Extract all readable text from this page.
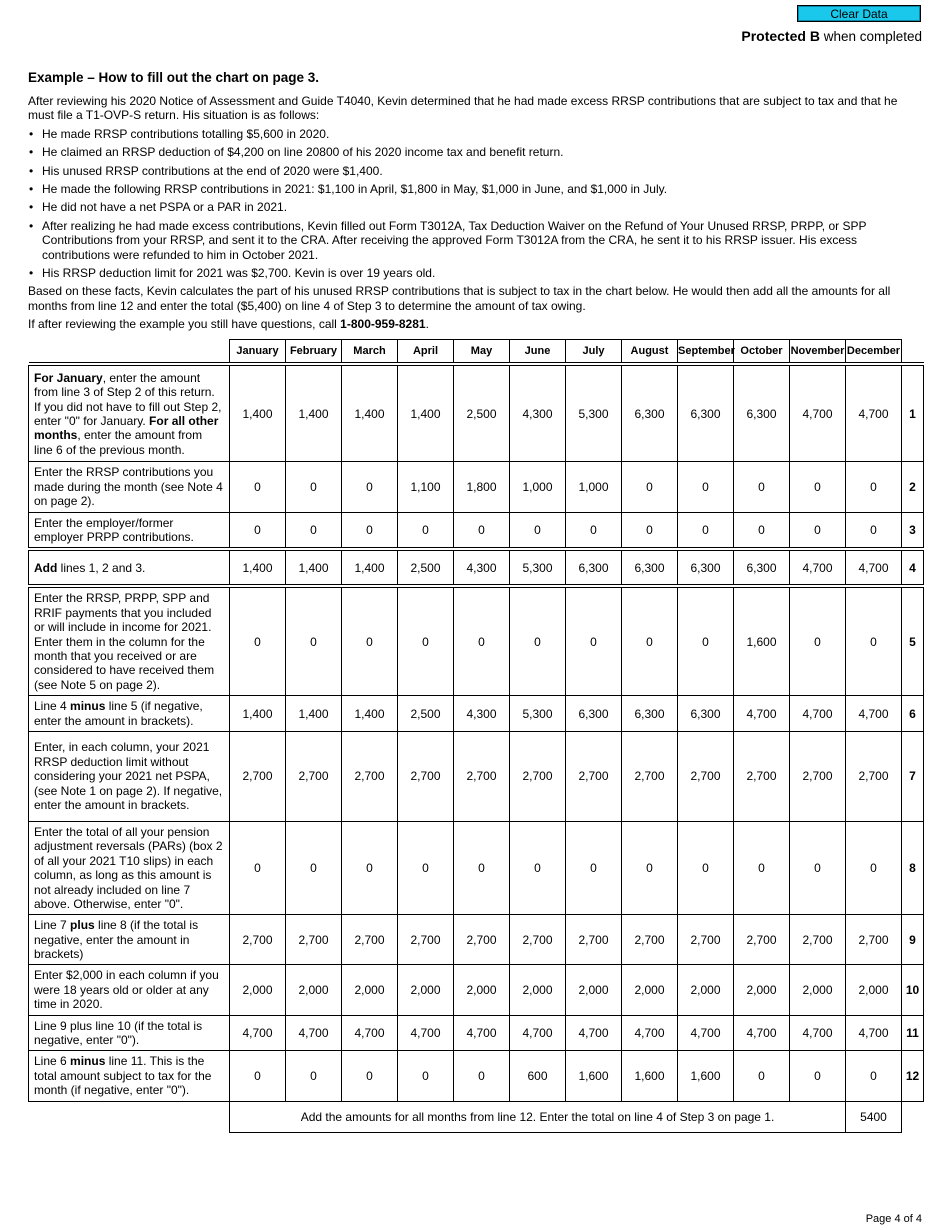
Clear Data
Protected B when completed
Example – How to fill out the chart on page 3.

After reviewing his 2020 Notice of Assessment and Guide T4040, Kevin determined that he had made excess RRSP contributions that are subject to tax and that he must file a T1-OVP-S return. His situation is as follows:

• He made RRSP contributions totalling $5,600 in 2020.
• He claimed an RRSP deduction of $4,200 on line 20800 of his 2020 income tax and benefit return.
• His unused RRSP contributions at the end of 2020 were $1,400.
• He made the following RRSP contributions in 2021: $1,100 in April, $1,800 in May, $1,000 in June, and $1,000 in July.
• He did not have a net PSPA or a PAR in 2021.
• After realizing he had made excess contributions, Kevin filled out Form T3012A, Tax Deduction Waiver on the Refund of Your Unused RRSP, PRPP, or SPP Contributions from your RRSP, and sent it to the CRA. After receiving the approved Form T3012A from the CRA, he sent it to his RRSP issuer. His excess contributions were refunded to him in October 2021.
• His RRSP deduction limit for 2021 was $2,700. Kevin is over 19 years old.

Based on these facts, Kevin calculates the part of his unused RRSP contributions that is subject to tax in the chart below. He would then add all the amounts for all months from line 12 and enter the total ($5,400) on line 4 of Step 3 to determine the amount of tax owing.

If after reviewing the example you still have questions, call 1-800-959-8281.

	January	February	March	April	May	June	July	August	September	October	November	December	

For January, enter the amount from line 3 of Step 2 of this return. If you did not have to fill out Step 2, enter "0" for January. For all other months, enter the amount from line 6 of the previous month.	1,400	1,400	1,400	1,400	2,500	4,300	5,300	6,300	6,300	6,300	4,700	4,700	1
Enter the RRSP contributions you made during the month (see Note 4 on page 2).	0	0	0	1,100	1,800	1,000	1,000	0	0	0	0	0	2
Enter the employer/former employer PRPP contributions.	0	0	0	0	0	0	0	0	0	0	0	0	3

Add lines 1, 2 and 3.	1,400	1,400	1,400	2,500	4,300	5,300	6,300	6,300	6,300	6,300	4,700	4,700	4

Enter the RRSP, PRPP, SPP and RRIF payments that you included or will include in income for 2021. Enter them in the column for the month that you received or are considered to have received them (see Note 5 on page 2).	0	0	0	0	0	0	0	0	0	1,600	0	0	5
Line 4 minus line 5 (if negative, enter the amount in brackets).	1,400	1,400	1,400	2,500	4,300	5,300	6,300	6,300	6,300	4,700	4,700	4,700	6
Enter, in each column, your 2021 RRSP deduction limit without considering your 2021 net PSPA, (see Note 1 on page 2). If negative, enter the amount in brackets.	2,700	2,700	2,700	2,700	2,700	2,700	2,700	2,700	2,700	2,700	2,700	2,700	7
Enter the total of all your pension adjustment reversals (PARs) (box 2 of all your 2021 T10 slips) in each column, as long as this amount is not already included on line 7 above. Otherwise, enter "0".	0	0	0	0	0	0	0	0	0	0	0	0	8
Line 7 plus line 8 (if the total is negative, enter the amount in brackets)	2,700	2,700	2,700	2,700	2,700	2,700	2,700	2,700	2,700	2,700	2,700	2,700	9
Enter $2,000 in each column if you were 18 years old or older at any time in 2020.	2,000	2,000	2,000	2,000	2,000	2,000	2,000	2,000	2,000	2,000	2,000	2,000	10
Line 9 plus line 10 (if the total is negative, enter "0").	4,700	4,700	4,700	4,700	4,700	4,700	4,700	4,700	4,700	4,700	4,700	4,700	11
Line 6 minus line 11. This is the total amount subject to tax for the month (if negative, enter "0").	0	0	0	0	0	600	1,600	1,600	1,600	0	0	0	12
	Add the amounts for all months from line 12. Enter the total on line 4 of Step 3 on page 1.											5400	
Page 4 of 4
